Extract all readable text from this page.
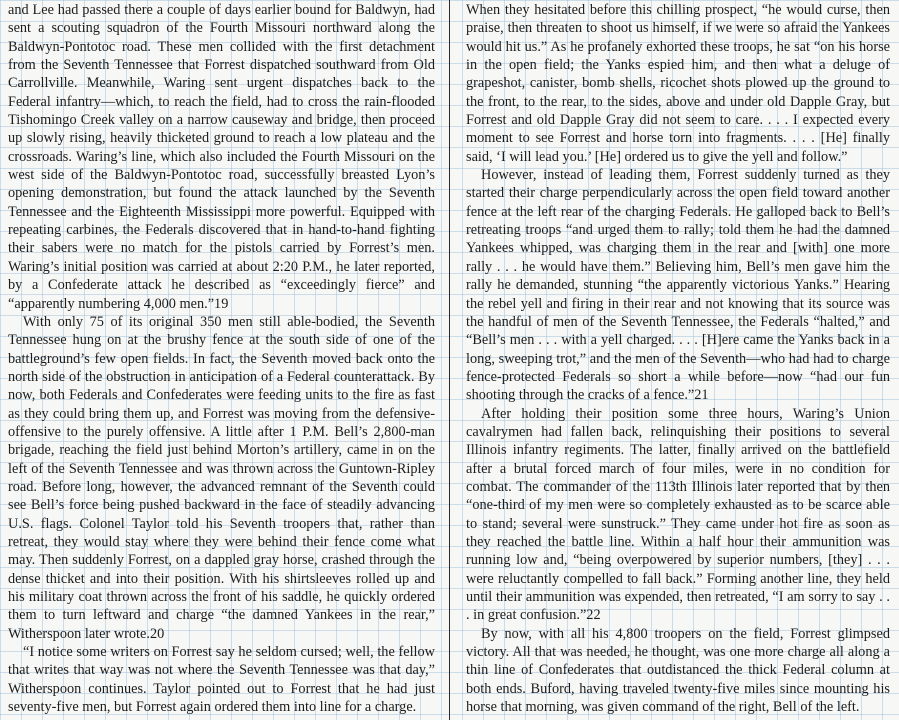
and Lee had passed there a couple of days earlier bound for Baldwyn, had sent a scouting squadron of the Fourth Missouri northward along the Baldwyn-Pontotoc road. These men collided with the first detachment from the Seventh Tennessee that Forrest dispatched southward from Old Carrollville. Meanwhile, Waring sent urgent dispatches back to the Federal infantry—which, to reach the field, had to cross the rain-flooded Tishomingo Creek valley on a narrow causeway and bridge, then proceed up slowly rising, heavily thicketed ground to reach a low plateau and the crossroads. Waring’s line, which also included the Fourth Missouri on the west side of the Baldwyn-Pontotoc road, successfully breasted Lyon’s opening demonstration, but found the attack launched by the Seventh Tennessee and the Eighteenth Mississippi more powerful. Equipped with repeating carbines, the Federals discovered that in hand-to-hand fighting their sabers were no match for the pistols carried by Forrest’s men. Waring’s initial position was carried at about 2:20 P.M., he later reported, by a Confederate attack he described as “exceedingly fierce” and “apparently numbering 4,000 men.”19

With only 75 of its original 350 men still able-bodied, the Seventh Tennessee hung on at the brushy fence at the south side of one of the battleground’s few open fields. In fact, the Seventh moved back onto the north side of the obstruction in anticipation of a Federal counterattack. By now, both Federals and Confederates were feeding units to the fire as fast as they could bring them up, and Forrest was moving from the defensive-offensive to the purely offensive. A little after 1 P.M. Bell’s 2,800-man brigade, reaching the field just behind Morton’s artillery, came in on the left of the Seventh Tennessee and was thrown across the Guntown-Ripley road. Before long, however, the advanced remnant of the Seventh could see Bell’s force being pushed backward in the face of steadily advancing U.S. flags. Colonel Taylor told his Seventh troopers that, rather than retreat, they would stay where they were behind their fence come what may. Then suddenly Forrest, on a dappled gray horse, crashed through the dense thicket and into their position. With his shirtsleeves rolled up and his military coat thrown across the front of his saddle, he quickly ordered them to turn leftward and charge “the damned Yankees in the rear,” Witherspoon later wrote.20

“I notice some writers on Forrest say he seldom cursed; well, the fellow that writes that way was not where the Seventh Tennessee was that day,” Witherspoon continues. Taylor pointed out to Forrest that he had just seventy-five men, but Forrest again ordered them into line for a charge.

When they hesitated before this chilling prospect, “he would curse, then praise, then threaten to shoot us himself, if we were so afraid the Yankees would hit us.” As he profanely exhorted these troops, he sat “on his horse in the open field; the Yanks espied him, and then what a deluge of grapeshot, canister, bomb shells, ricochet shots plowed up the ground to the front, to the rear, to the sides, above and under old Dapple Gray, but Forrest and old Dapple Gray did not seem to care. . . . I expected every moment to see Forrest and horse torn into fragments. . . . [He] finally said, ‘I will lead you.’ [He] ordered us to give the yell and follow.”

However, instead of leading them, Forrest suddenly turned as they started their charge perpendicularly across the open field toward another fence at the left rear of the charging Federals. He galloped back to Bell’s retreating troops “and urged them to rally; told them he had the damned Yankees whipped, was charging them in the rear and [with] one more rally . . . he would have them.” Believing him, Bell’s men gave him the rally he demanded, stunning “the apparently victorious Yanks.” Hearing the rebel yell and firing in their rear and not knowing that its source was the handful of men of the Seventh Tennessee, the Federals “halted,” and “Bell’s men . . . with a yell charged. . . . [H]ere came the Yanks back in a long, sweeping trot,” and the men of the Seventh—who had had to charge fence-protected Federals so short a while before—now “had our fun shooting through the cracks of a fence.”21

After holding their position some three hours, Waring’s Union cavalrymen had fallen back, relinquishing their positions to several Illinois infantry regiments. The latter, finally arrived on the battlefield after a brutal forced march of four miles, were in no condition for combat. The commander of the 113th Illinois later reported that by then “one-third of my men were so completely exhausted as to be scarce able to stand; several were sunstruck.” They came under hot fire as soon as they reached the battle line. Within a half hour their ammunition was running low and, “being overpowered by superior numbers, [they] . . . were reluctantly compelled to fall back.” Forming another line, they held until their ammunition was expended, then retreated, “I am sorry to say . . . in great confusion.”22

By now, with all his 4,800 troopers on the field, Forrest glimpsed victory. All that was needed, he thought, was one more charge all along a thin line of Confederates that outdistanced the thick Federal column at both ends. Buford, having traveled twenty-five miles since mounting his horse that morning, was given command of the right, Bell of the left.
